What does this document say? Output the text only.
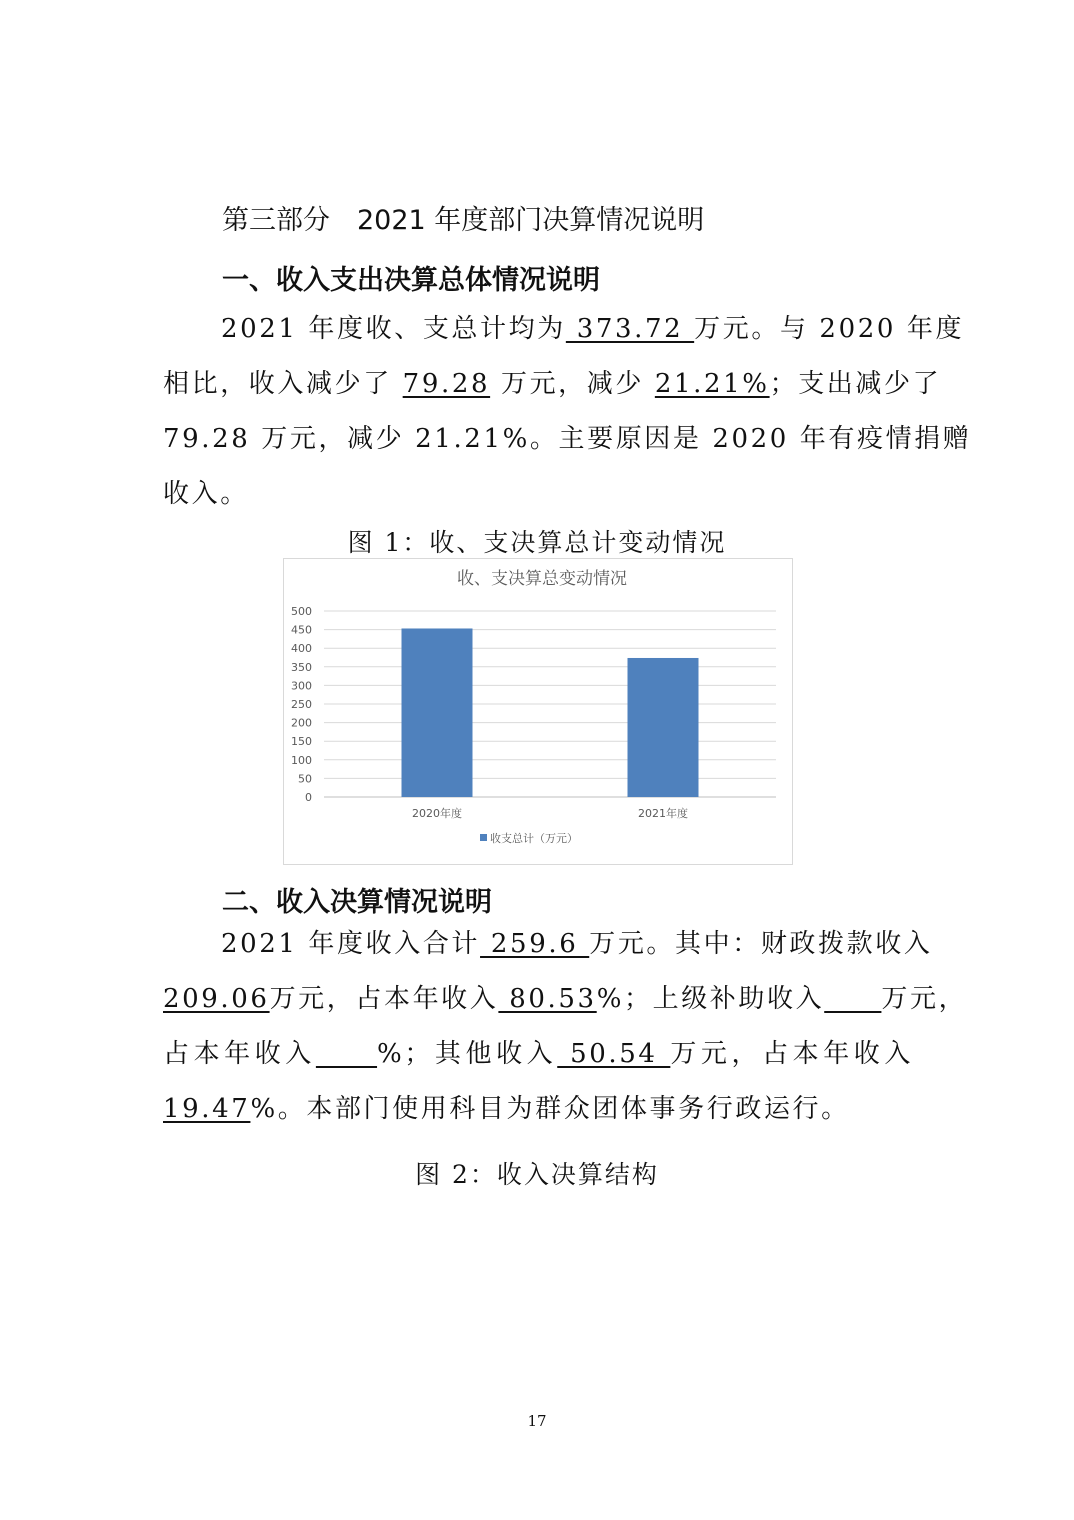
第三部分　2021 年度部门决算情况说明
一、收入支出决算总体情况说明
2021 年度收、支总计均为 373.72 万元。与 2020 年度
相比，收入减少了 79.28 万元，减少 21.21%；支出减少了
79.28 万元，减少 21.21%。主要原因是 2020 年有疫情捐赠
收入。
图 1：收、支决算总计变动情况
收、支决算总变动情况
0
50
100
150
200
250
300
350
400
450
500
2020年度	2021年度
收支总计（万元）
二、收入决算情况说明
2021 年度收入合计 259.6 万元。其中：财政拨款收入
209.06万元，占本年收入 80.53%；上级补助收入　　 万元，
占本年收入　　 %；其他收入 50.54 万元，占本年收入
19.47%。本部门使用科目为群众团体事务行政运行。
图 2：收入决算结构
17
